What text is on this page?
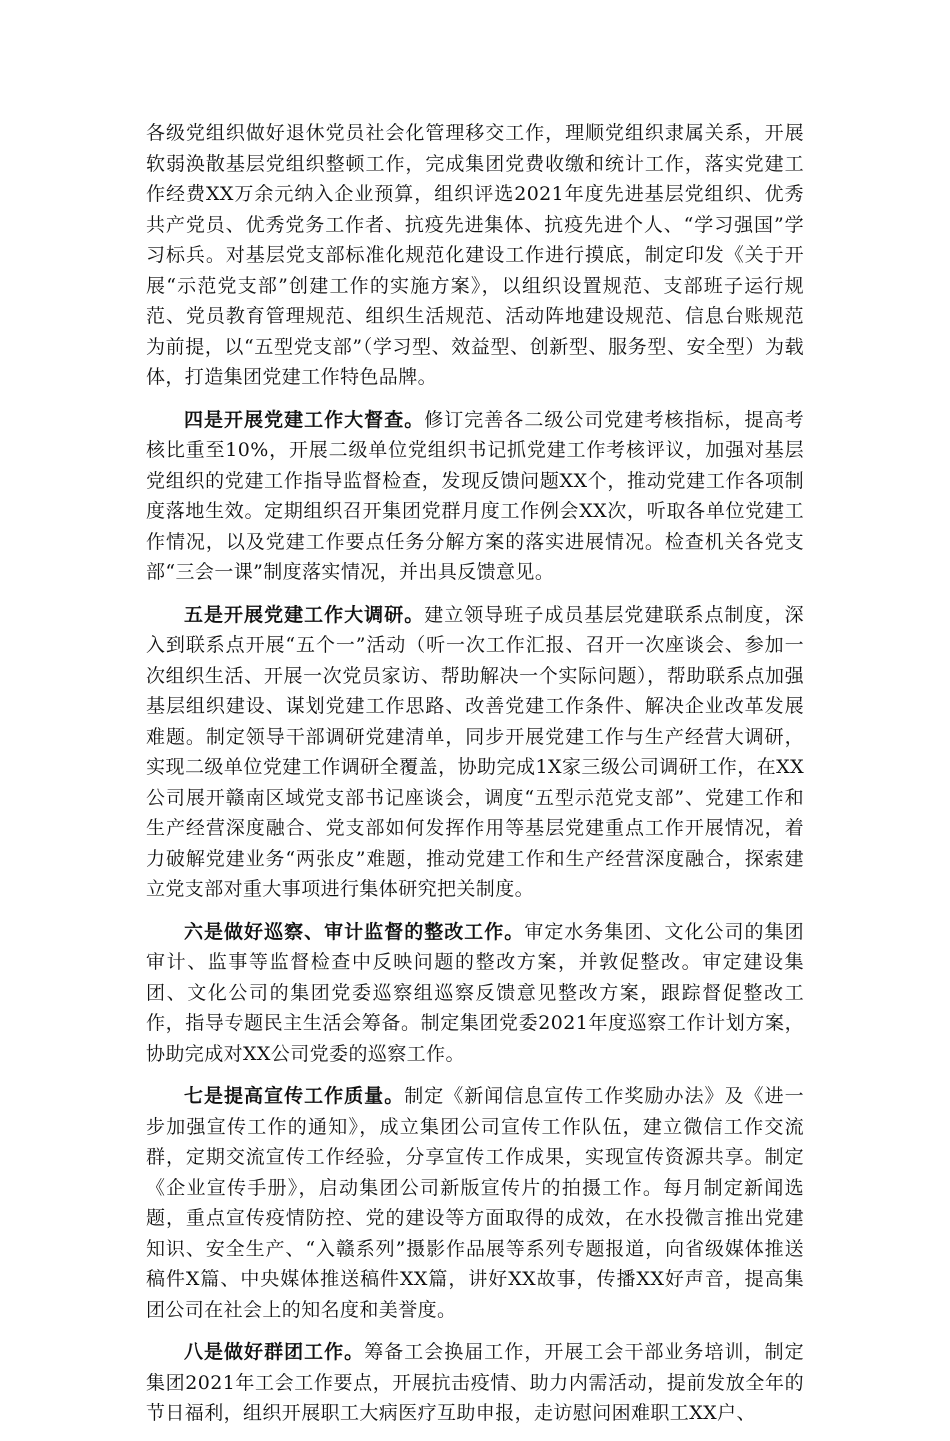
各级党组织做好退休党员社会化管理移交工作，理顺党组织隶属关系，开展软弱涣散基层党组织整顿工作，完成集团党费收缴和统计工作，落实党建工作经费XX万余元纳入企业预算，组织评选2021年度先进基层党组织、优秀共产党员、优秀党务工作者、抗疫先进集体、抗疫先进个人、“学习强国”学习标兵。对基层党支部标准化规范化建设工作进行摸底，制定印发《关于开展“示范党支部”创建工作的实施方案》，以组织设置规范、支部班子运行规范、党员教育管理规范、组织生活规范、活动阵地建设规范、信息台账规范为前提，以“五型党支部”（学习型、效益型、创新型、服务型、安全型）为载体，打造集团党建工作特色品牌。

四是开展党建工作大督查。修订完善各二级公司党建考核指标，提高考核比重至10%，开展二级单位党组织书记抓党建工作考核评议，加强对基层党组织的党建工作指导监督检查，发现反馈问题XX个，推动党建工作各项制度落地生效。定期组织召开集团党群月度工作例会XX次，听取各单位党建工作情况，以及党建工作要点任务分解方案的落实进展情况。检查机关各党支部“三会一课”制度落实情况，并出具反馈意见。

五是开展党建工作大调研。建立领导班子成员基层党建联系点制度，深入到联系点开展“五个一”活动（听一次工作汇报、召开一次座谈会、参加一次组织生活、开展一次党员家访、帮助解决一个实际问题），帮助联系点加强基层组织建设、谋划党建工作思路、改善党建工作条件、解决企业改革发展难题。制定领导干部调研党建清单，同步开展党建工作与生产经营大调研，实现二级单位党建工作调研全覆盖，协助完成1X家三级公司调研工作，在XX公司展开赣南区域党支部书记座谈会，调度“五型示范党支部”、党建工作和生产经营深度融合、党支部如何发挥作用等基层党建重点工作开展情况，着力破解党建业务“两张皮”难题，推动党建工作和生产经营深度融合，探索建立党支部对重大事项进行集体研究把关制度。

六是做好巡察、审计监督的整改工作。审定水务集团、文化公司的集团审计、监事等监督检查中反映问题的整改方案，并敦促整改。审定建设集团、文化公司的集团党委巡察组巡察反馈意见整改方案，跟踪督促整改工作，指导专题民主生活会筹备。制定集团党委2021年度巡察工作计划方案，协助完成对XX公司党委的巡察工作。

七是提高宣传工作质量。制定《新闻信息宣传工作奖励办法》及《进一步加强宣传工作的通知》，成立集团公司宣传工作队伍，建立微信工作交流群，定期交流宣传工作经验，分享宣传工作成果，实现宣传资源共享。制定《企业宣传手册》，启动集团公司新版宣传片的拍摄工作。每月制定新闻选题，重点宣传疫情防控、党的建设等方面取得的成效，在水投微言推出党建知识、安全生产、“入赣系列”摄影作品展等系列专题报道，向省级媒体推送稿件X篇、中央媒体推送稿件XX篇，讲好XX故事，传播XX好声音，提高集团公司在社会上的知名度和美誉度。

八是做好群团工作。筹备工会换届工作，开展工会干部业务培训，制定集团2021年工会工作要点，开展抗击疫情、助力内需活动，提前发放全年的节日福利，组织开展职工大病医疗互助申报，走访慰问困难职工XX户、
